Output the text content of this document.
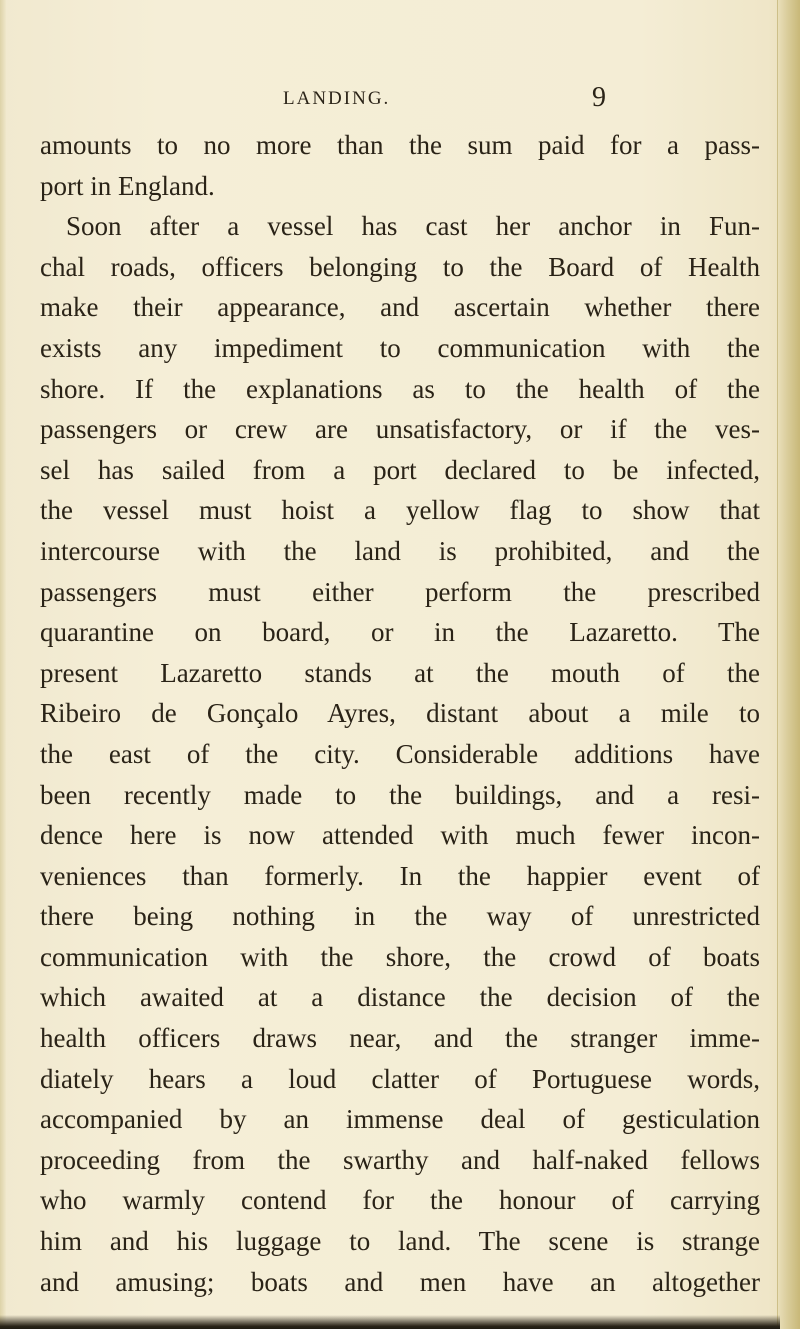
LANDING.	9
amounts to no more than the sum paid for a pass-
port in England.
Soon after a vessel has cast her anchor in Fun-
chal roads, officers belonging to the Board of Health
make their appearance, and ascertain whether there
exists any impediment to communication with the
shore. If the explanations as to the health of the
passengers or crew are unsatisfactory, or if the ves-
sel has sailed from a port declared to be infected,
the vessel must hoist a yellow flag to show that
intercourse with the land is prohibited, and the
passengers must either perform the prescribed
quarantine on board, or in the Lazaretto. The
present Lazaretto stands at the mouth of the
Ribeiro de Gonçalo Ayres, distant about a mile to
the east of the city. Considerable additions have
been recently made to the buildings, and a resi-
dence here is now attended with much fewer incon-
veniences than formerly. In the happier event of
there being nothing in the way of unrestricted
communication with the shore, the crowd of boats
which awaited at a distance the decision of the
health officers draws near, and the stranger imme-
diately hears a loud clatter of Portuguese words,
accompanied by an immense deal of gesticulation
proceeding from the swarthy and half-naked fellows
who warmly contend for the honour of carrying
him and his luggage to land. The scene is strange
and amusing; boats and men have an altogether
